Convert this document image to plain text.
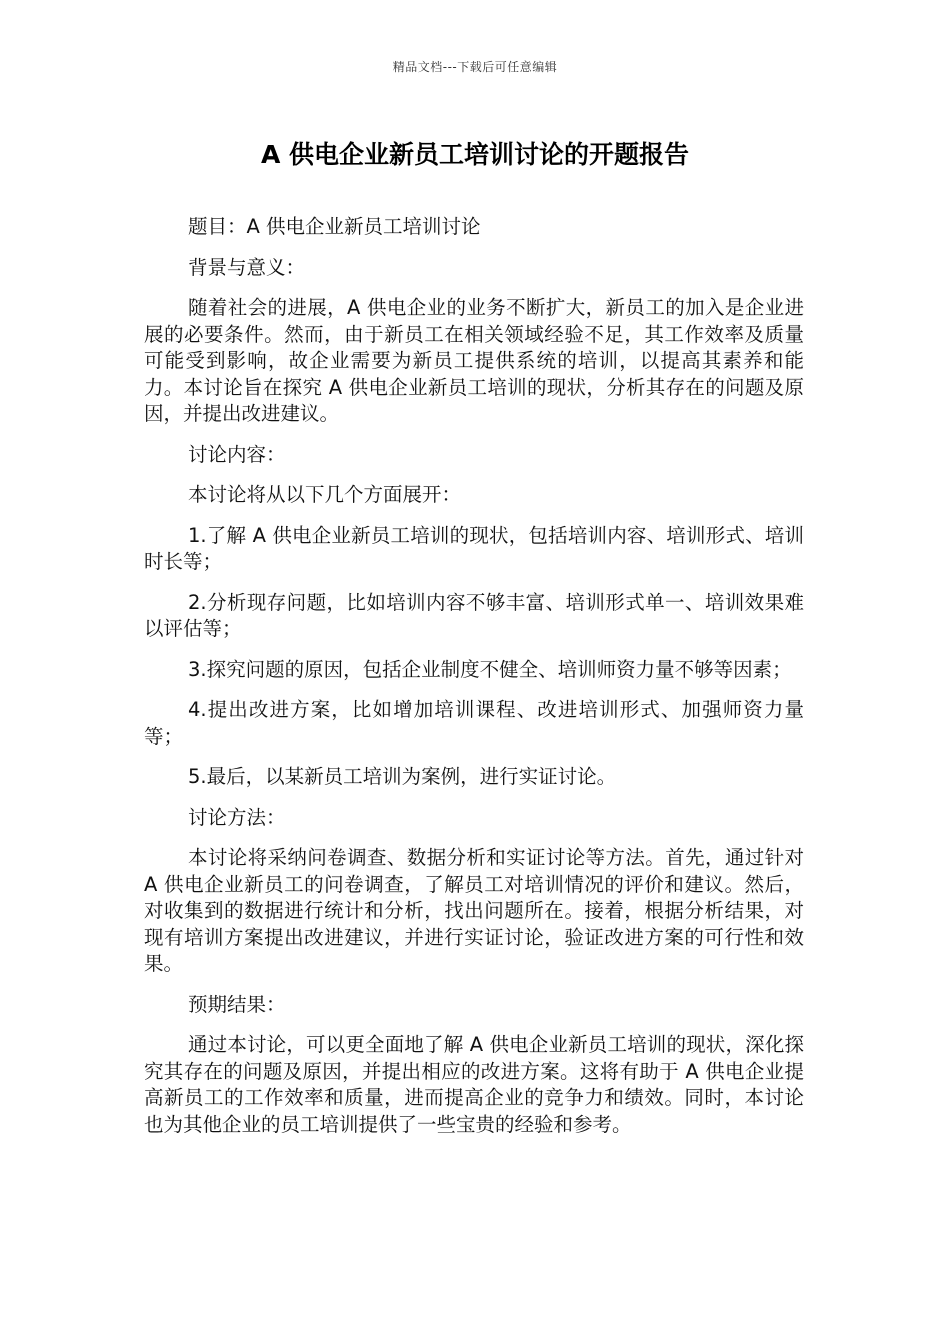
精品文档---下载后可任意编辑
A 供电企业新员工培训讨论的开题报告

题目：A 供电企业新员工培训讨论

背景与意义：

随着社会的进展，A 供电企业的业务不断扩大，新员工的加入是企业进展的必要条件。然而，由于新员工在相关领域经验不足，其工作效率及质量可能受到影响，故企业需要为新员工提供系统的培训，以提高其素养和能力。本讨论旨在探究 A 供电企业新员工培训的现状，分析其存在的问题及原因，并提出改进建议。

讨论内容：

本讨论将从以下几个方面展开：

1.了解 A 供电企业新员工培训的现状，包括培训内容、培训形式、培训时长等；

2.分析现存问题，比如培训内容不够丰富、培训形式单一、培训效果难以评估等；

3.探究问题的原因，包括企业制度不健全、培训师资力量不够等因素；

4.提出改进方案，比如增加培训课程、改进培训形式、加强师资力量等；

5.最后，以某新员工培训为案例，进行实证讨论。

讨论方法：

本讨论将采纳问卷调查、数据分析和实证讨论等方法。首先，通过针对 A 供电企业新员工的问卷调查，了解员工对培训情况的评价和建议。然后，对收集到的数据进行统计和分析，找出问题所在。接着，根据分析结果，对现有培训方案提出改进建议，并进行实证讨论，验证改进方案的可行性和效果。

预期结果：

通过本讨论，可以更全面地了解 A 供电企业新员工培训的现状，深化探究其存在的问题及原因，并提出相应的改进方案。这将有助于 A 供电企业提高新员工的工作效率和质量，进而提高企业的竞争力和绩效。同时，本讨论也为其他企业的员工培训提供了一些宝贵的经验和参考。
